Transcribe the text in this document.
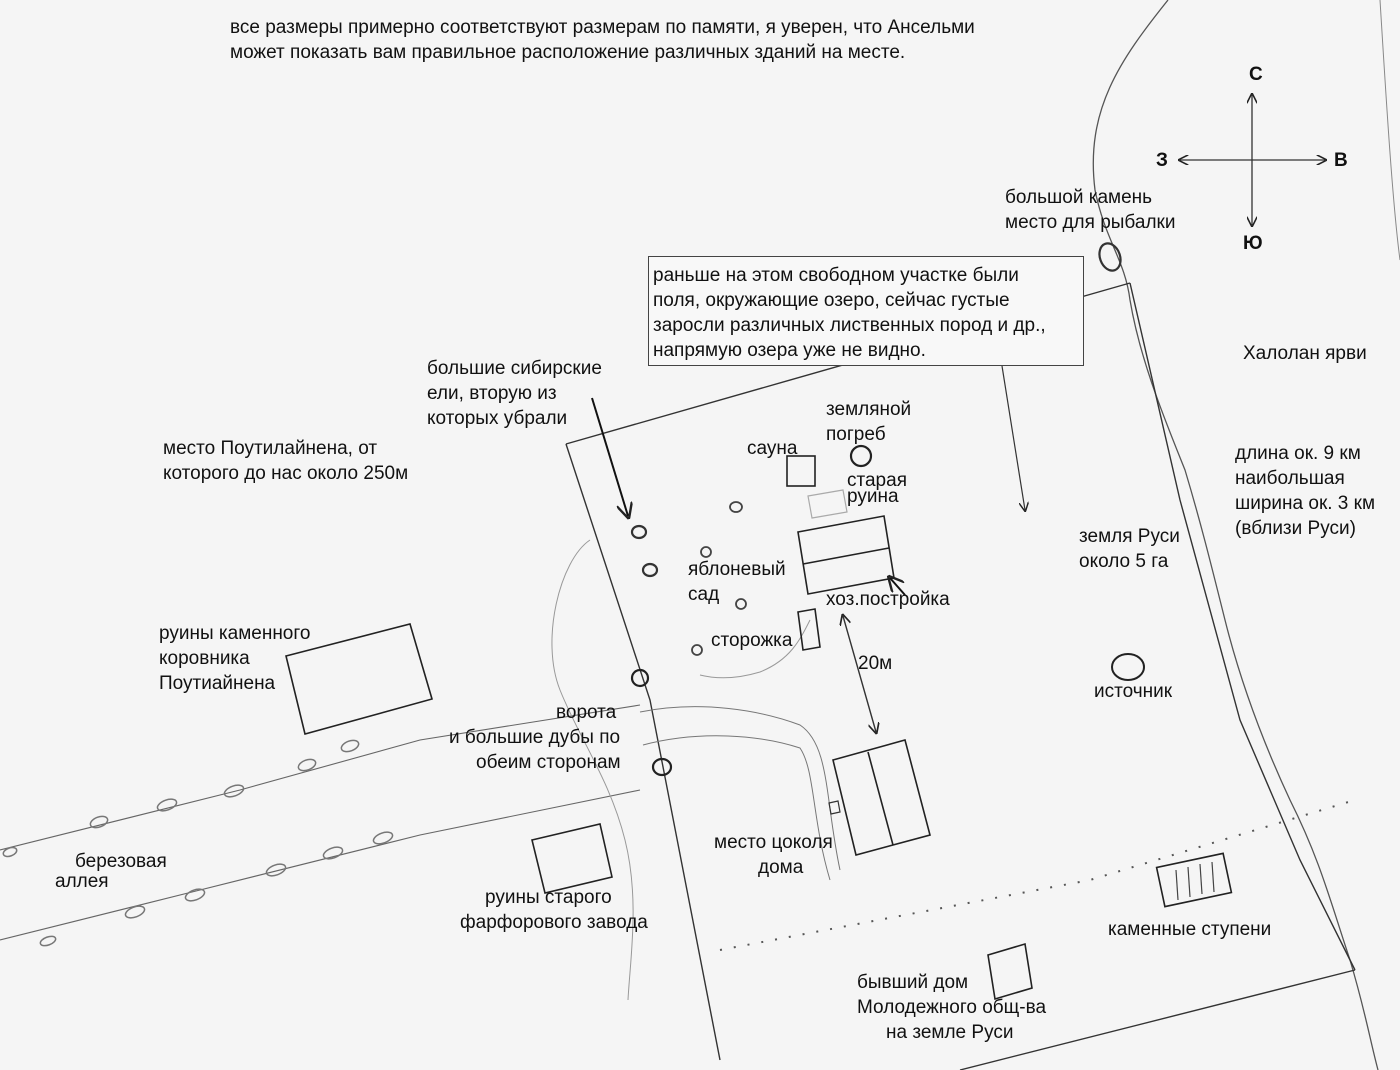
все размеры примерно соответствуют размерам по памяти, я уверен, что Ансельми
может показать вам правильное расположение различных зданий на месте.
С
Ю
З	В
раньше на этом свободном участке были
поля, окружающие озеро, сейчас густые
заросли различных лиственных пород и др.,
напрямую озера уже не видно.
большой камень
место для рыбалки
Халолан ярви
длина ок. 9 км
наибольшая
ширина ок. 3 км
(вблизи Руси)
земля Руси
около 5 га
большие сибирские
ели, вторую из
которых убрали
место Поутилайнена, от
которого до нас около 250м
сауна
земляной
погреб
старая
руина
яблоневый
сад	хоз.постройка
сторожка
20м
источник
руины каменного
коровника
Поутиайнена
ворота
и большие дубы по
обеим сторонам
место цоколя
дома
березовая
аллея
руины старого
фарфорового завода	каменные ступени
бывший дом
Молодежного общ-ва
на земле Руси
